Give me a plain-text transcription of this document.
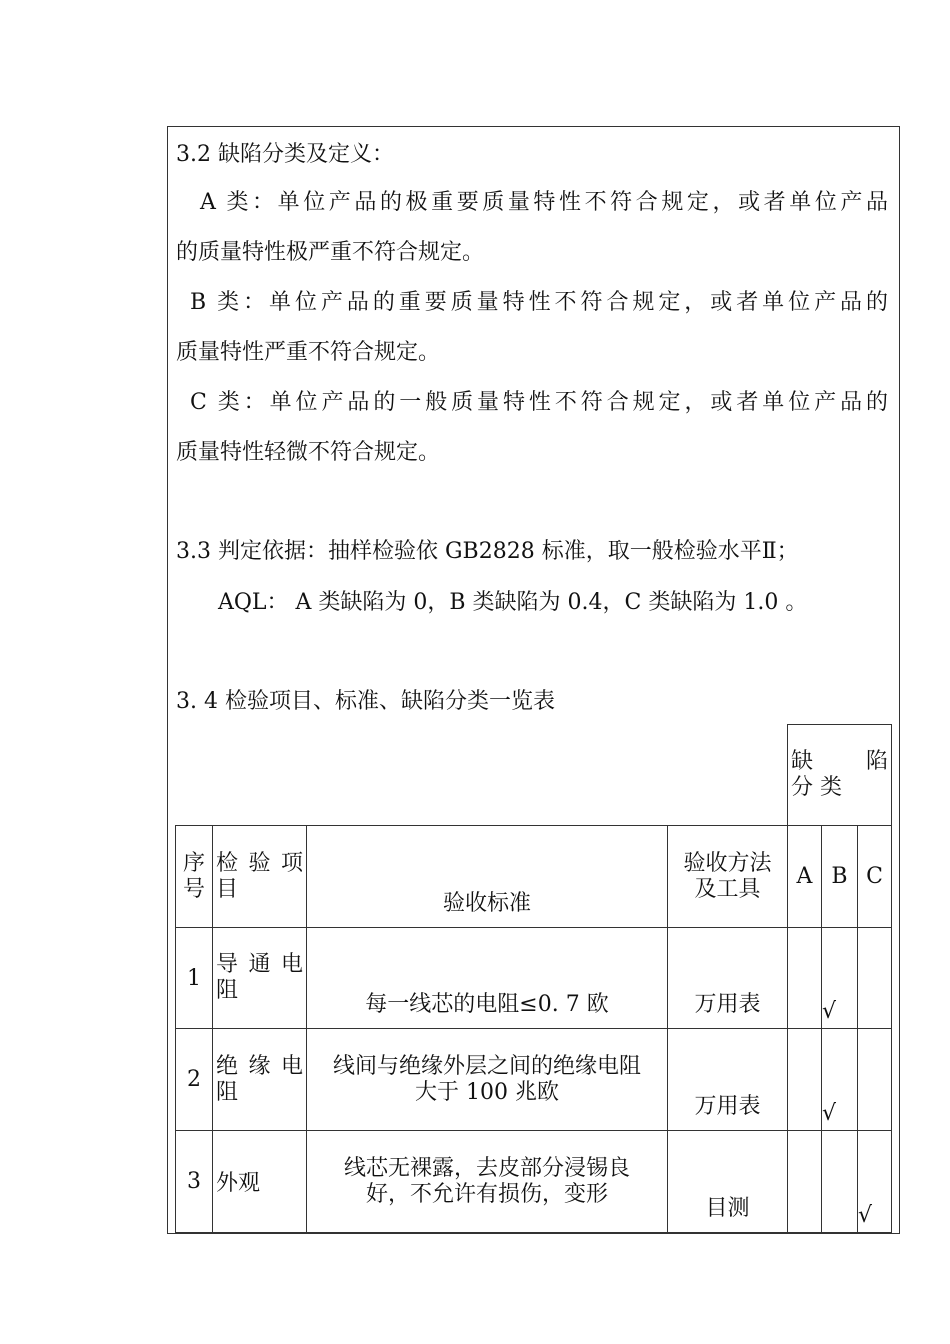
3.2 缺陷分类及定义：
A 类：单位产品的极重要质量特性不符合规定，或者单位产品
的质量特性极严重不符合规定。
B 类：单位产品的重要质量特性不符合规定，或者单位产品的
质量特性严重不符合规定。
C 类：单位产品的一般质量特性不符合规定，或者单位产品的
质量特性轻微不符合规定。
3.3 判定依据：抽样检验依 GB2828 标准，取一般检验水平Ⅱ；
AQL： A 类缺陷为 0，B 类缺陷为 0.4，C 类缺陷为 1.0 。
3. 4 检验项目、标准、缺陷分类一览表

				缺　陷
分 类		

序
号	检 验 项
目	验收标准	验收方法
及工具	A	B	C
1	导 通 电
阻	每一线芯的电阻≤0. 7 欧	万用表		√	
2	绝 缘 电
阻	线间与绝缘外层之间的绝缘电阻
大于 100 兆欧	万用表		√	
3	外观	线芯无裸露，去皮部分浸锡良
好，不允许有损伤，变形	目测			√
